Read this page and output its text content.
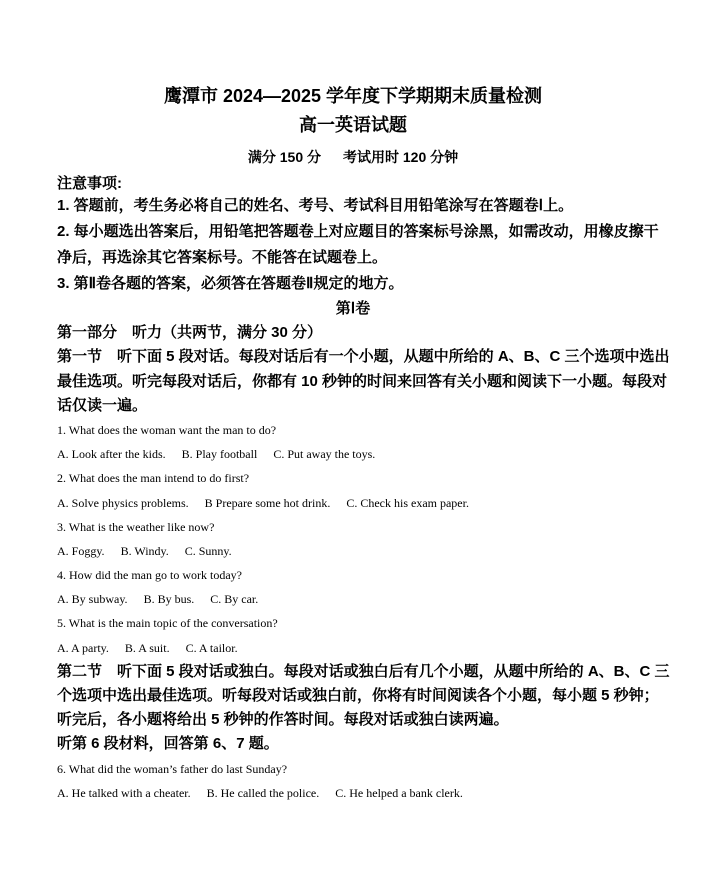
鹰潭市 2024—2025 学年度下学期期末质量检测
高一英语试题
满分 150 分 考试用时 120 分钟
注意事项:
1. 答题前，考生务必将自己的姓名、考号、考试科目用铅笔涂写在答题卷Ⅰ上。
2. 每小题选出答案后，用铅笔把答题卷上对应题目的答案标号涂黑，如需改动，用橡皮擦干
净后，再选涂其它答案标号。不能答在试题卷上。
3. 第Ⅱ卷各题的答案，必须答在答题卷Ⅱ规定的地方。
第Ⅰ卷
第一部分　听力（共两节，满分 30 分）
第一节　听下面 5 段对话。每段对话后有一个小题，从题中所给的 A、B、C 三个选项中选出
最佳选项。听完每段对话后，你都有 10 秒钟的时间来回答有关小题和阅读下一小题。每段对
话仅读一遍。
1. What does the woman want the man to do?
A. Look after the kids. B. Play football C. Put away the toys.
2. What does the man intend to do first?
A. Solve physics problems. B Prepare some hot drink. C. Check his exam paper.
3. What is the weather like now?
A. Foggy. B. Windy. C. Sunny.
4. How did the man go to work today?
A. By subway. B. By bus. C. By car.
5. What is the main topic of the conversation?
A. A party. B. A suit. C. A tailor.
第二节　听下面 5 段对话或独白。每段对话或独白后有几个小题，从题中所给的 A、B、C 三
个选项中选出最佳选项。听每段对话或独白前，你将有时间阅读各个小题，每小题 5 秒钟；
听完后，各小题将给出 5 秒钟的作答时间。每段对话或独白读两遍。
听第 6 段材料，回答第 6、7 题。
6. What did the woman’s father do last Sunday?
A. He talked with a cheater. B. He called the police. C. He helped a bank clerk.
